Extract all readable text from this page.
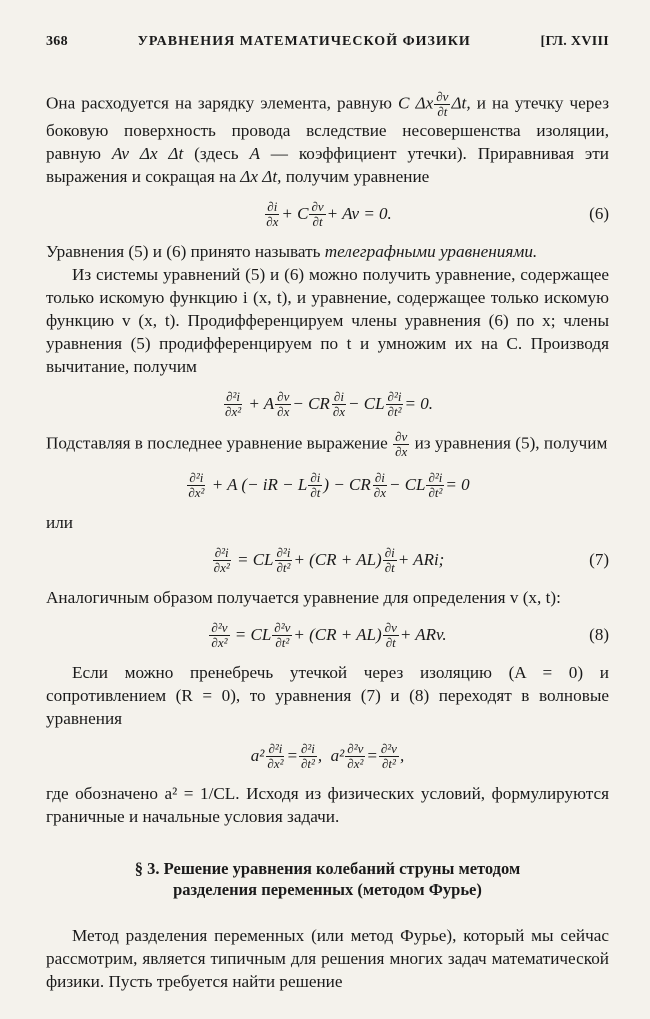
368	УРАВНЕНИЯ МАТЕМАТИЧЕСКОЙ ФИЗИКИ	[ГЛ. XVIII

Она расходуется на зарядку элемента, равную C Δx $\frac{\partial v}{\partial t} \Delta t$, и на утечку через боковую поверхность провода вследствие несовершенства изоляции, равную Av Δx Δt (здесь A — коэффициент утечки). Приравнивая эти выражения и сокращая на Δx Δt, получим уравнение

$\frac{\partial i}{\partial x} + C \frac{\partial v}{\partial t} + Av = 0$.	(6)

Уравнения (5) и (6) принято называть телеграфными уравнениями.

Из системы уравнений (5) и (6) можно получить уравнение, содержащее только искомую функцию i (x, t), и уравнение, содержащее только искомую функцию v (x, t). Продифференцируем члены уравнения (6) по x; члены уравнения (5) продифференцируем по t и умножим их на C. Производя вычитание, получим

$\frac{\text{∂²i}}{\text{∂x²}} + A \frac{\partial v}{\partial x}$ − CR $\frac{\partial i}{\partial x}$ − CL $\frac{\text{∂²i}}{\text{∂t²}} = 0$.

Подставляя в последнее уравнение выражение $\frac{\partial v}{\partial x}$ из уравнения (5), получим

$\frac{\text{∂²i}}{\text{∂x²}} + A$ (− iR − L $\frac{\partial i}{\partial t}$ ) − CR $\frac{\partial i}{\partial x}$ − CL $\frac{\text{∂²i}}{\text{∂t²}} = 0$

или

$\frac{\text{∂²i}}{\text{∂x²}}$ = CL $\frac{\text{∂²i}}{\text{∂t²}} + (CR + AL) \frac{\partial i}{\partial t}$ + ARi;	(7)

Аналогичным образом получается уравнение для определения v (x, t):

$\frac{\text{∂²v}}{\text{∂x²}}$ = CL $\frac{\text{∂²v}}{\text{∂t²}} + (CR + AL) \frac{\partial v}{\partial t}$ + ARv.	(8)

Если можно пренебречь утечкой через изоляцию (A = 0) и сопротивлением (R = 0), то уравнения (7) и (8) переходят в волновые уравнения

$a^2 \frac{\text{∂²i}}{\text{∂x²}} = \frac{\text{∂²i}}{\text{∂t²}}$ ,
$a^2 \frac{\text{∂²v}}{\text{∂x²}} = \frac{\text{∂²v}}{\text{∂t²}}$ ,

где обозначено a² = 1/CL. Исходя из физических условий, формулируются граничные и начальные условия задачи.

§ 3. Решение уравнения колебаний струны методом
разделения переменных (методом Фурье)

Метод разделения переменных (или метод Фурье), который мы сейчас рассмотрим, является типичным для решения многих задач математической физики. Пусть требуется найти решение
